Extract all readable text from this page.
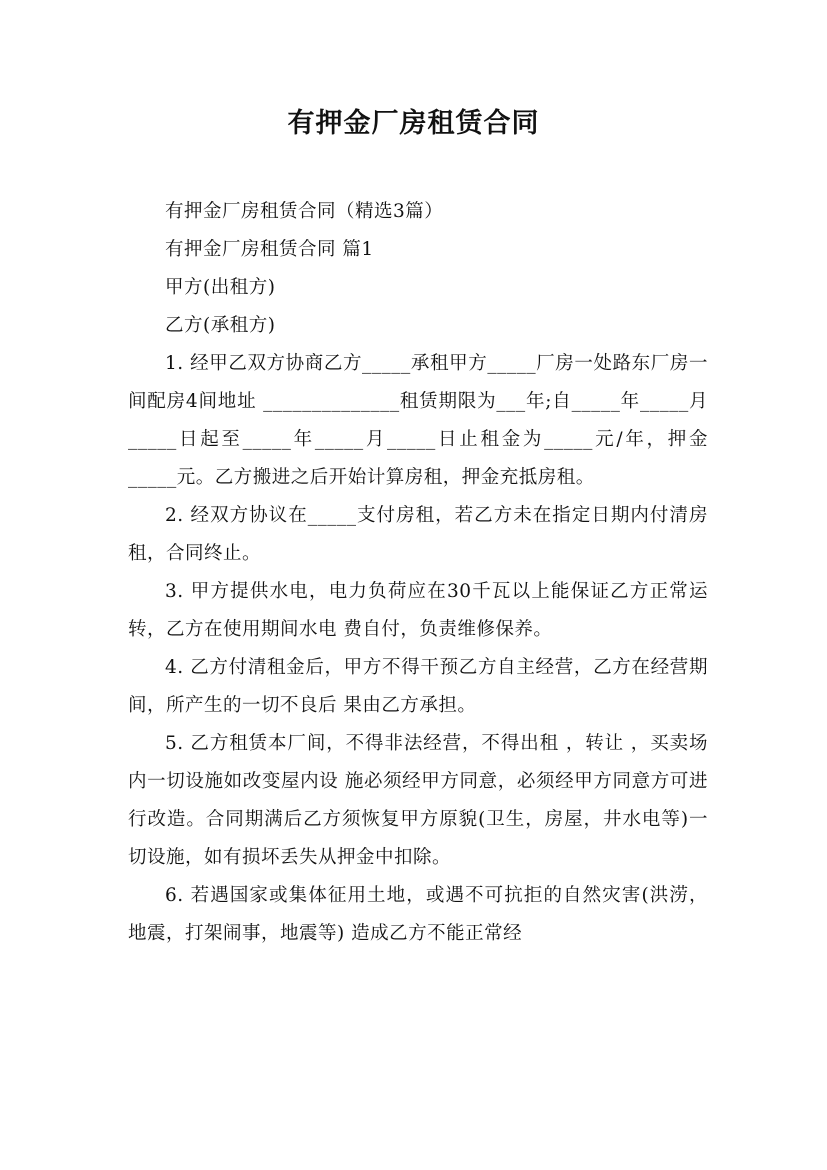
有押金厂房租赁合同

有押金厂房租赁合同（精选3篇）

有押金厂房租赁合同 篇1

甲方(出租方)

乙方(承租方)

1. 经甲乙双方协商乙方_____承租甲方_____厂房一处路东厂房一间配房4间地址 ______________租赁期限为___年;自_____年_____月_____日起至_____年_____月_____日止租金为_____元/年，押金_____元。乙方搬进之后开始计算房租，押金充抵房租。

2. 经双方协议在_____支付房租，若乙方未在指定日期内付清房租，合同终止。

3. 甲方提供水电，电力负荷应在30千瓦以上能保证乙方正常运转，乙方在使用期间水电 费自付，负责维修保养。

4. 乙方付清租金后，甲方不得干预乙方自主经营，乙方在经营期间，所产生的一切不良后 果由乙方承担。

5. 乙方租赁本厂间，不得非法经营，不得出租 ，转让 ，买卖场内一切设施如改变屋内设 施必须经甲方同意，必须经甲方同意方可进行改造。合同期满后乙方须恢复甲方原貌(卫生，房屋，井水电等)一切设施，如有损坏丢失从押金中扣除。

6. 若遇国家或集体征用土地，或遇不可抗拒的自然灾害(洪涝，地震，打架闹事，地震等) 造成乙方不能正常经
